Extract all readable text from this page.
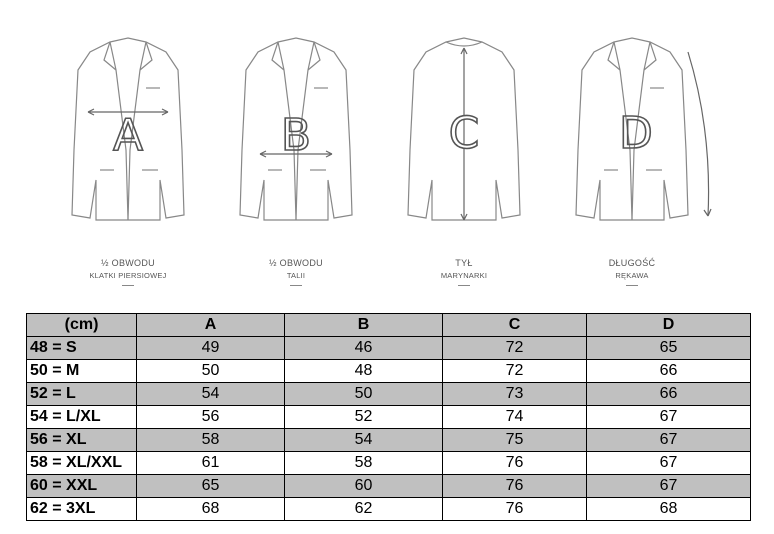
A	B	C	D
½ OBWODU
KLATKI PIERSIOWEJ
½ OBWODU
TALII
TYŁ
MARYNARKI
DŁUGOŚĆ
RĘKAWA
(cm)	A	B	C	D
48 = S	49	46	72	65
50 = M	50	48	72	66
52 = L	54	50	73	66
54 = L/XL	56	52	74	67
56 = XL	58	54	75	67
58 = XL/XXL	61	58	76	67
60 = XXL	65	60	76	67
62 = 3XL	68	62	76	68
